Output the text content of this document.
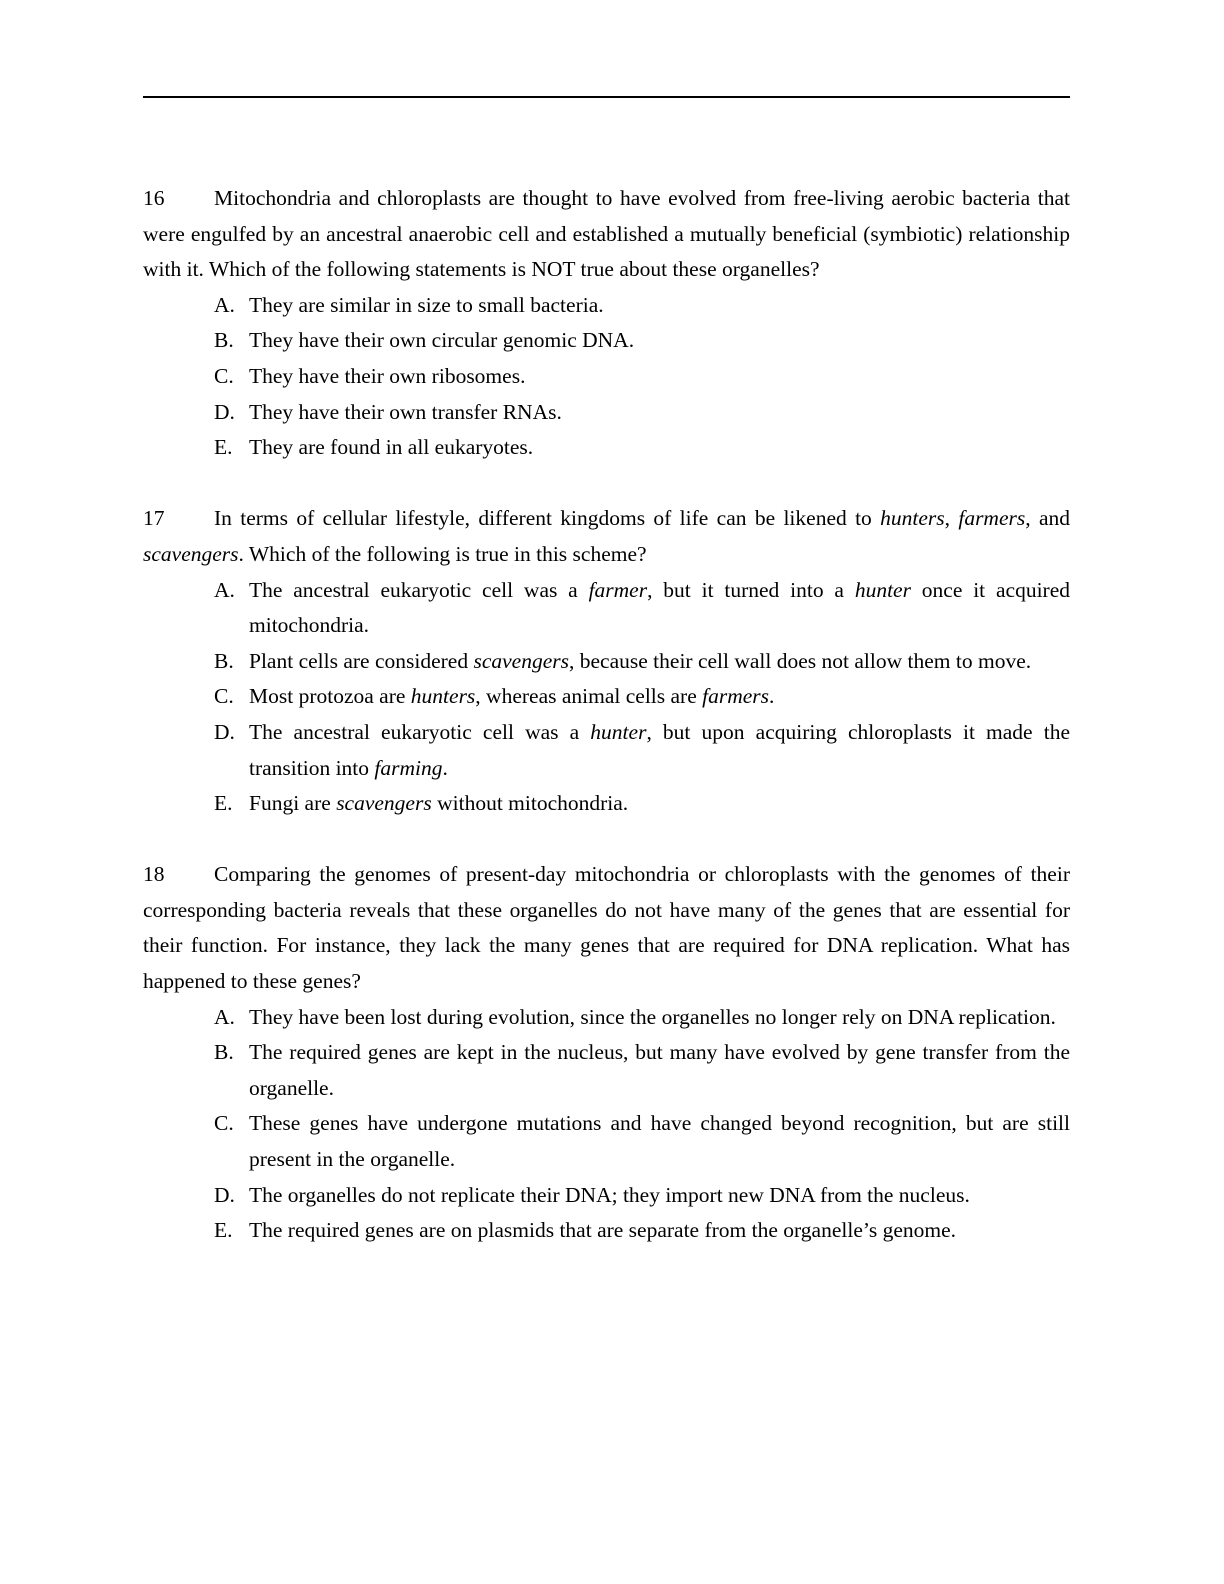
16 Mitochondria and chloroplasts are thought to have evolved from free-living aerobic bacteria that were engulfed by an ancestral anaerobic cell and established a mutually beneficial (symbiotic) relationship with it. Which of the following statements is NOT true about these organelles?

A. They are similar in size to small bacteria.
B. They have their own circular genomic DNA.
C. They have their own ribosomes.
D. They have their own transfer RNAs.
E. They are found in all eukaryotes.

17 In terms of cellular lifestyle, different kingdoms of life can be likened to hunters, farmers, and scavengers. Which of the following is true in this scheme?

A. The ancestral eukaryotic cell was a farmer, but it turned into a hunter once it acquired mitochondria.
B. Plant cells are considered scavengers, because their cell wall does not allow them to move.
C. Most protozoa are hunters, whereas animal cells are farmers.
D. The ancestral eukaryotic cell was a hunter, but upon acquiring chloroplasts it made the transition into farming.
E. Fungi are scavengers without mitochondria.

18 Comparing the genomes of present-day mitochondria or chloroplasts with the genomes of their corresponding bacteria reveals that these organelles do not have many of the genes that are essential for their function. For instance, they lack the many genes that are required for DNA replication. What has happened to these genes?

A. They have been lost during evolution, since the organelles no longer rely on DNA replication.
B. The required genes are kept in the nucleus, but many have evolved by gene transfer from the organelle.
C. These genes have undergone mutations and have changed beyond recognition, but are still present in the organelle.
D. The organelles do not replicate their DNA; they import new DNA from the nucleus.
E. The required genes are on plasmids that are separate from the organelle’s genome.
